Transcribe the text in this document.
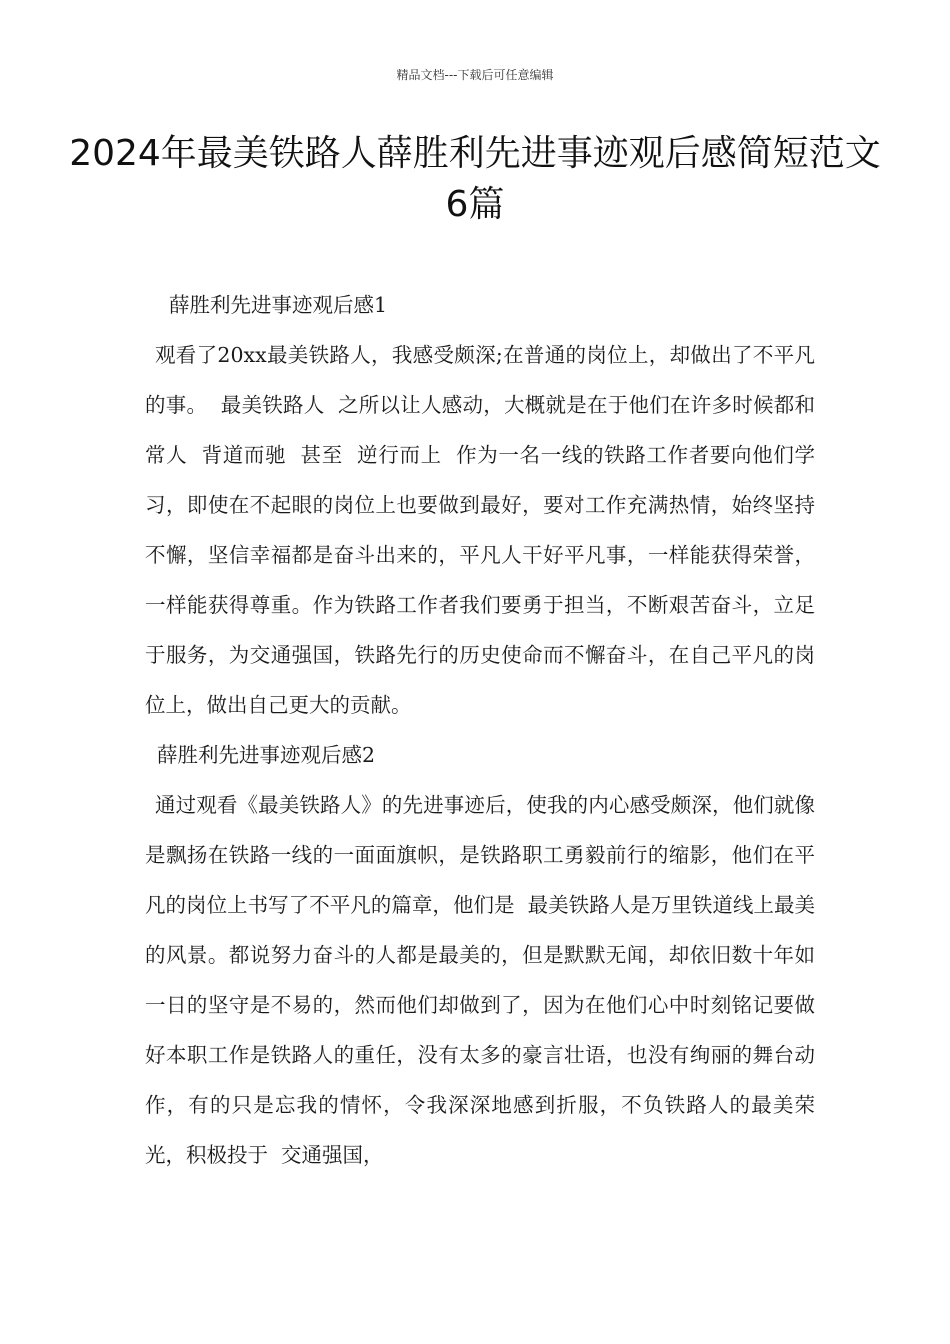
精品文档---下载后可任意编辑
2024年最美铁路人薛胜利先进事迹观后感简短范文6篇

薛胜利先进事迹观后感1

观看了20xx最美铁路人，我感受颇深;在普通的岗位上，却做出了不平凡的事。  最美铁路人  之所以让人感动，大概就是在于他们在许多时候都和常人  背道而驰  甚至  逆行而上  作为一名一线的铁路工作者要向他们学习，即使在不起眼的岗位上也要做到最好，要对工作充满热情，始终坚持不懈，坚信幸福都是奋斗出来的，平凡人干好平凡事，一样能获得荣誉，一样能获得尊重。作为铁路工作者我们要勇于担当，不断艰苦奋斗，立足于服务，为交通强国，铁路先行的历史使命而不懈奋斗，在自己平凡的岗位上，做出自己更大的贡献。

薛胜利先进事迹观后感2

通过观看《最美铁路人》的先进事迹后，使我的内心感受颇深，他们就像是飘扬在铁路一线的一面面旗帜，是铁路职工勇毅前行的缩影，他们在平凡的岗位上书写了不平凡的篇章，他们是  最美铁路人是万里铁道线上最美的风景。都说努力奋斗的人都是最美的，但是默默无闻，却依旧数十年如一日的坚守是不易的，然而他们却做到了，因为在他们心中时刻铭记要做好本职工作是铁路人的重任，没有太多的豪言壮语，也没有绚丽的舞台动作，有的只是忘我的情怀，令我深深地感到折服，不负铁路人的最美荣光，积极投于  交通强国，
